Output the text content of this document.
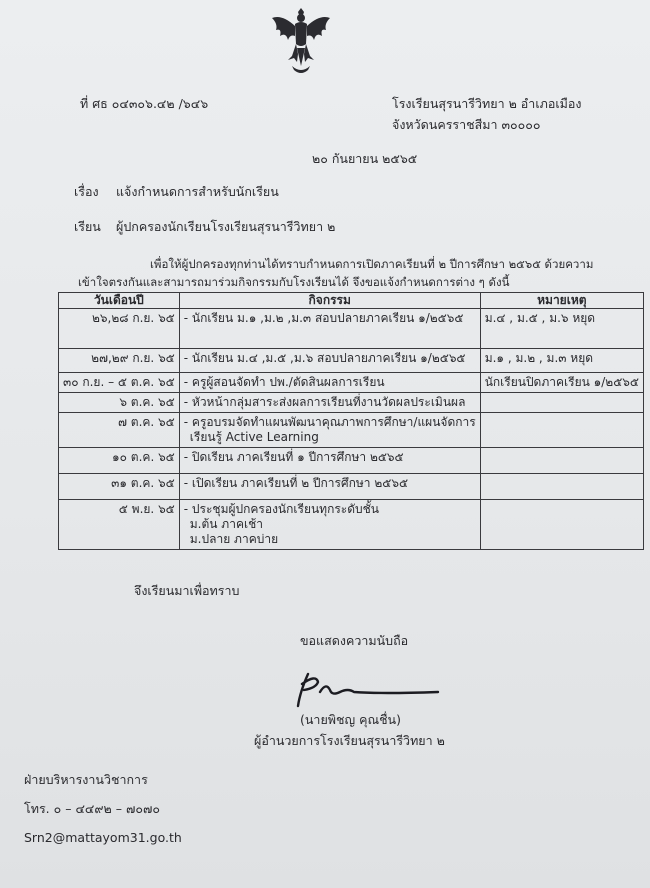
ที่ ศธ ๐๔๓๐๖.๔๒ /๖๔๖	โรงเรียนสุรนารีวิทยา ๒ อำเภอเมือง
จังหวัดนครราชสีมา ๓๐๐๐๐
๒๐ กันยายน ๒๕๖๕
เรื่อง แจ้งกำหนดการสำหรับนักเรียน
เรียน ผู้ปกครองนักเรียนโรงเรียนสุรนารีวิทยา ๒
เพื่อให้ผู้ปกครองทุกท่านได้ทราบกำหนดการเปิดภาคเรียนที่ ๒ ปีการศึกษา ๒๕๖๕ ด้วยความ
เข้าใจตรงกันและสามารถมาร่วมกิจกรรมกับโรงเรียนได้ จึงขอแจ้งกำหนดการต่าง ๆ ดังนี้
วันเดือนปี	กิจกรรม	หมายเหตุ
๒๖,๒๘ ก.ย. ๖๕	- นักเรียน ม.๑ ,ม.๒ ,ม.๓ สอบปลายภาคเรียน ๑/๒๕๖๕	ม.๔ , ม.๕ , ม.๖ หยุด
๒๗,๒๙ ก.ย. ๖๕	- นักเรียน ม.๔ ,ม.๕ ,ม.๖ สอบปลายภาคเรียน ๑/๒๕๖๕	ม.๑ , ม.๒ , ม.๓ หยุด
๓๐ ก.ย. – ๕ ต.ค. ๖๕	- ครูผู้สอนจัดทำ ปพ./ตัดสินผลการเรียน	นักเรียนปิดภาคเรียน ๑/๒๕๖๕
๖ ต.ค. ๖๕	- หัวหน้ากลุ่มสาระส่งผลการเรียนที่งานวัดผลประเมินผล	

๗ ต.ค. ๖๕	- ครูอบรมจัดทำแผนพัฒนาคุณภาพการศึกษา/แผนจัดการ
เรียนรู้ Active Learning	

๑๐ ต.ค. ๖๕	- ปิดเรียน ภาคเรียนที่ ๑ ปีการศึกษา ๒๕๖๕	

๓๑ ต.ค. ๖๕	- เปิดเรียน ภาคเรียนที่ ๒ ปีการศึกษา ๒๕๖๕	

๕ พ.ย. ๖๕	- ประชุมผู้ปกครองนักเรียนทุกระดับชั้น
ม.ต้น ภาคเช้า
ม.ปลาย ภาคบ่าย	

จึงเรียนมาเพื่อทราบ
ขอแสดงความนับถือ
(นายพิชญ คุณชื่น)
ผู้อำนวยการโรงเรียนสุรนารีวิทยา ๒
ฝ่ายบริหารงานวิชาการ
โทร. ๐ – ๔๔๙๒ – ๗๐๗๐
Srn2@mattayom31.go.th
